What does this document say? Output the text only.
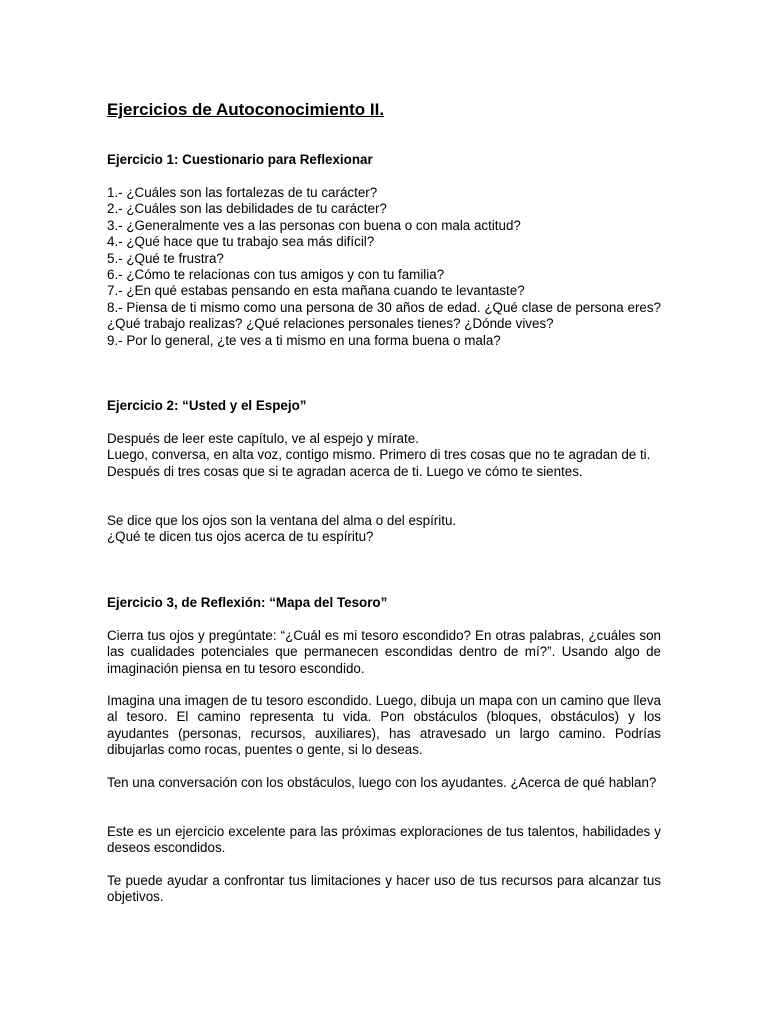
Ejercicios de Autoconocimiento II.
Ejercicio 1: Cuestionario para Reflexionar
1.- ¿Cuáles son las fortalezas de tu carácter?
2.- ¿Cuáles son las debilidades de tu carácter?
3.- ¿Generalmente ves a las personas con buena o con mala actitud?
4.- ¿Qué hace que tu trabajo sea más difícil?
5.- ¿Qué te frustra?
6.- ¿Cómo te relacionas con tus amigos y con tu familia?
7.- ¿En qué estabas pensando en esta mañana cuando te levantaste?

8.- Piensa de ti mismo como una persona de 30 años de edad. ¿Qué clase de persona eres? ¿Qué trabajo realizas? ¿Qué relaciones personales tienes? ¿Dónde vives?

9.- Por lo general, ¿te ves a ti mismo en una forma buena o mala?
Ejercicio 2: “Usted y el Espejo”
Después de leer este capítulo, ve al espejo y mírate.

Luego, conversa, en alta voz, contigo mismo. Primero di tres cosas que no te agradan de ti.

Después di tres cosas que si te agradan acerca de ti. Luego ve cómo te sientes.

Se dice que los ojos son la ventana del alma o del espíritu.
¿Qué te dicen tus ojos acerca de tu espíritu?
Ejercicio 3, de Reflexión: “Mapa del Tesoro”

Cierra tus ojos y pregúntate: “¿Cuál es mi tesoro escondido? En otras palabras, ¿cuáles son las cualidades potenciales que permanecen escondidas dentro de mí?”. Usando algo de imaginación piensa en tu tesoro escondido.

Imagina una imagen de tu tesoro escondido. Luego, dibuja un mapa con un camino que lleva al tesoro. El camino representa tu vida. Pon obstáculos (bloques, obstáculos) y los ayudantes (personas, recursos, auxiliares), has atravesado un largo camino. Podrías dibujarlas como rocas, puentes o gente, si lo deseas.

Ten una conversación con los obstáculos, luego con los ayudantes. ¿Acerca de qué hablan?

Este es un ejercicio excelente para las próximas exploraciones de tus talentos, habilidades y deseos escondidos.

Te puede ayudar a confrontar tus limitaciones y hacer uso de tus recursos para alcanzar tus objetivos.
